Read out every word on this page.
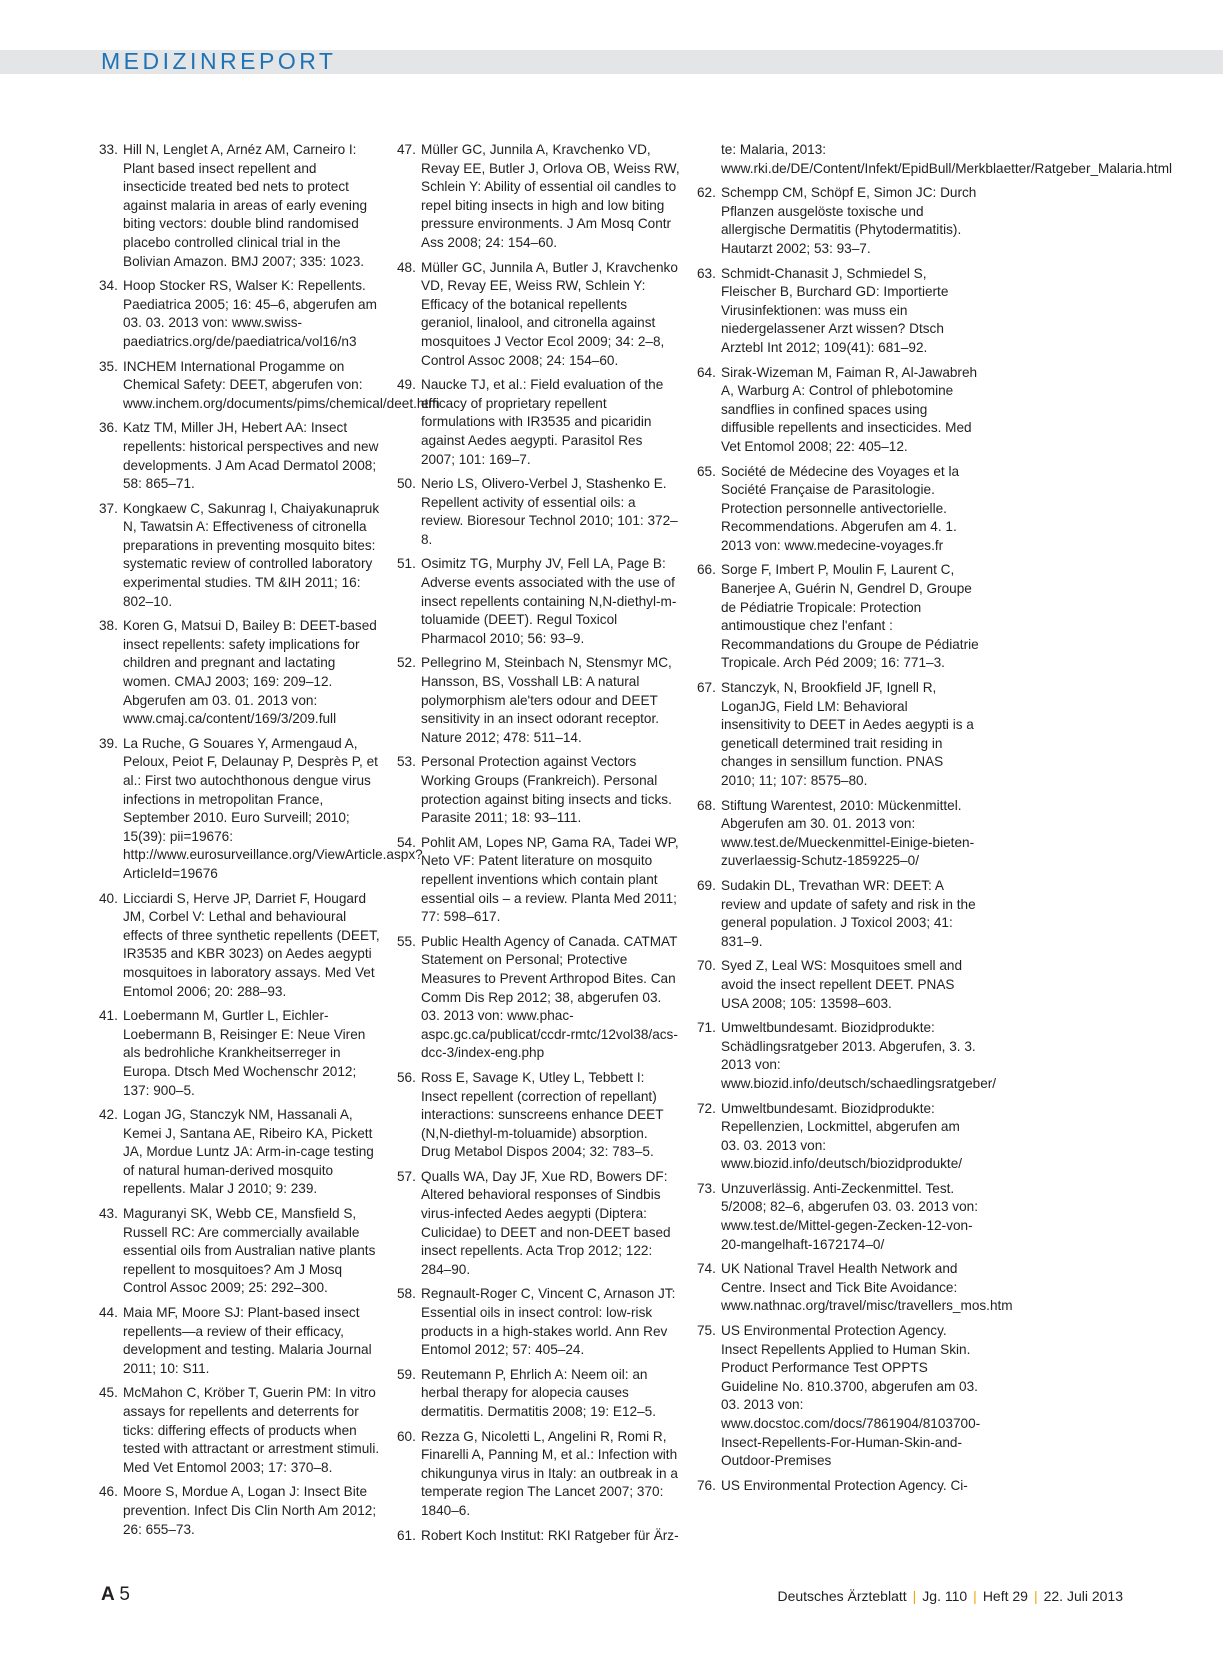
MEDIZINREPORT
33. Hill N, Lenglet A, Arnéz AM, Carneiro I: Plant based insect repellent and insecticide treated bed nets to protect against malaria in areas of early evening biting vectors: double blind randomised placebo controlled clinical trial in the Bolivian Amazon. BMJ 2007; 335: 1023.
34. Hoop Stocker RS, Walser K: Repellents. Paediatrica 2005; 16: 45–6, abgerufen am 03. 03. 2013 von: www.swiss-paediatrics.org/de/paediatrica/vol16/n3
35. INCHEM International Progamme on Chemical Safety: DEET, abgerufen von: www.inchem.org/documents/pims/chemical/deet.htm
36. Katz TM, Miller JH, Hebert AA: Insect repellents: historical perspectives and new developments. J Am Acad Dermatol 2008; 58: 865–71.
37. Kongkaew C, Sakunrag I, Chaiyakunapruk N, Tawatsin A: Effectiveness of citronella preparations in preventing mosquito bites: systematic review of controlled laboratory experimental studies. TM &IH 2011; 16: 802–10.
38. Koren G, Matsui D, Bailey B: DEET-based insect repellents: safety implications for children and pregnant and lactating women. CMAJ 2003; 169: 209–12. Abgerufen am 03. 01. 2013 von: www.cmaj.ca/content/169/3/209.full
39. La Ruche, G Souares Y, Armengaud A, Peloux, Peiot F, Delaunay P, Desprès P, et al.: First two autochthonous dengue virus infections in metropolitan France, September 2010. Euro Surveill; 2010; 15(39): pii=19676: http://www.eurosurveillance.org/ViewArticle.aspx?ArticleId=19676
40. Licciardi S, Herve JP, Darriet F, Hougard JM, Corbel V: Lethal and behavioural effects of three synthetic repellents (DEET, IR3535 and KBR 3023) on Aedes aegypti mosquitoes in laboratory assays. Med Vet Entomol 2006; 20: 288–93.
41. Loebermann M, Gurtler L, Eichler-Loebermann B, Reisinger E: Neue Viren als bedrohliche Krankheitserreger in Europa. Dtsch Med Wochenschr 2012; 137: 900–5.
42. Logan JG, Stanczyk NM, Hassanali A, Kemei J, Santana AE, Ribeiro KA, Pickett JA, Mordue Luntz JA: Arm-in-cage testing of natural human-derived mosquito repellents. Malar J 2010; 9: 239.
43. Maguranyi SK, Webb CE, Mansfield S, Russell RC: Are commercially available essential oils from Australian native plants repellent to mosquitoes? Am J Mosq Control Assoc 2009; 25: 292–300.
44. Maia MF, Moore SJ: Plant-based insect repellents—a review of their efficacy, development and testing. Malaria Journal 2011; 10: S11.
45. McMahon C, Kröber T, Guerin PM: In vitro assays for repellents and deterrents for ticks: differing effects of products when tested with attractant or arrestment stimuli. Med Vet Entomol 2003; 17: 370–8.
46. Moore S, Mordue A, Logan J: Insect Bite prevention. Infect Dis Clin North Am 2012; 26: 655–73.
47. Müller GC, Junnila A, Kravchenko VD, Revay EE, Butler J, Orlova OB, Weiss RW, Schlein Y: Ability of essential oil candles to repel biting insects in high and low biting pressure environments. J Am Mosq Contr Ass 2008; 24: 154–60.
48. Müller GC, Junnila A, Butler J, Kravchenko VD, Revay EE, Weiss RW, Schlein Y: Efficacy of the botanical repellents geraniol, linalool, and citronella against mosquitoes J Vector Ecol 2009; 34: 2–8, Control Assoc 2008; 24: 154–60.
49. Naucke TJ, et al.: Field evaluation of the efficacy of proprietary repellent formulations with IR3535 and picaridin against Aedes aegypti. Parasitol Res 2007; 101: 169–7.
50. Nerio LS, Olivero-Verbel J, Stashenko E. Repellent activity of essential oils: a review. Bioresour Technol 2010; 101: 372–8.
51. Osimitz TG, Murphy JV, Fell LA, Page B: Adverse events associated with the use of insect repellents containing N,N-diethyl-m-toluamide (DEET). Regul Toxicol Pharmacol 2010; 56: 93–9.
52. Pellegrino M, Steinbach N, Stensmyr MC, Hansson, BS, Vosshall LB: A natural polymorphism ale'ters odour and DEET sensitivity in an insect odorant receptor. Nature 2012; 478: 511–14.
53. Personal Protection against Vectors Working Groups (Frankreich). Personal protection against biting insects and ticks. Parasite 2011; 18: 93–111.
54. Pohlit AM, Lopes NP, Gama RA, Tadei WP, Neto VF: Patent literature on mosquito repellent inventions which contain plant essential oils – a review. Planta Med 2011; 77: 598–617.
55. Public Health Agency of Canada. CATMAT Statement on Personal; Protective Measures to Prevent Arthropod Bites. Can Comm Dis Rep 2012; 38, abgerufen 03. 03. 2013 von: www.phac-aspc.gc.ca/publicat/ccdr-rmtc/12vol38/acs-dcc-3/index-eng.php
56. Ross E, Savage K, Utley L, Tebbett I: Insect repellent (correction of repellant) interactions: sunscreens enhance DEET (N,N-diethyl-m-toluamide) absorption. Drug Metabol Dispos 2004; 32: 783–5.
57. Qualls WA, Day JF, Xue RD, Bowers DF: Altered behavioral responses of Sindbis virus-infected Aedes aegypti (Diptera: Culicidae) to DEET and non-DEET based insect repellents. Acta Trop 2012; 122: 284–90.
58. Regnault-Roger C, Vincent C, Arnason JT: Essential oils in insect control: low-risk products in a high-stakes world. Ann Rev Entomol 2012; 57: 405–24.
59. Reutemann P, Ehrlich A: Neem oil: an herbal therapy for alopecia causes dermatitis. Dermatitis 2008; 19: E12–5.
60. Rezza G, Nicoletti L, Angelini R, Romi R, Finarelli A, Panning M, et al.: Infection with chikungunya virus in Italy: an outbreak in a temperate region The Lancet 2007; 370: 1840–6.
61. Robert Koch Institut: RKI Ratgeber für Ärz-
te: Malaria, 2013: www.rki.de/DE/Content/Infekt/EpidBull/Merkblaetter/Ratgeber_Malaria.html
62. Schempp CM, Schöpf E, Simon JC: Durch Pflanzen ausgelöste toxische und allergische Dermatitis (Phytodermatitis). Hautarzt 2002; 53: 93–7.
63. Schmidt-Chanasit J, Schmiedel S, Fleischer B, Burchard GD: Importierte Virusinfektionen: was muss ein niedergelassener Arzt wissen? Dtsch Arztebl Int 2012; 109(41): 681–92.
64. Sirak-Wizeman M, Faiman R, Al-Jawabreh A, Warburg A: Control of phlebotomine sandflies in confined spaces using diffusible repellents and insecticides. Med Vet Entomol 2008; 22: 405–12.
65. Société de Médecine des Voyages et la Société Française de Parasitologie. Protection personnelle antivectorielle. Recommendations. Abgerufen am 4. 1. 2013 von: www.medecine-voyages.fr
66. Sorge F, Imbert P, Moulin F, Laurent C, Banerjee A, Guérin N, Gendrel D, Groupe de Pédiatrie Tropicale: Protection antimoustique chez l'enfant : Recommandations du Groupe de Pédiatrie Tropicale. Arch Péd 2009; 16: 771–3.
67. Stanczyk, N, Brookfield JF, Ignell R, LoganJG, Field LM: Behavioral insensitivity to DEET in Aedes aegypti is a geneticall determined trait residing in changes in sensillum function. PNAS 2010; 11; 107: 8575–80.
68. Stiftung Warentest, 2010: Mückenmittel. Abgerufen am 30. 01. 2013 von: www.test.de/Mueckenmittel-Einige-bieten-zuverlaessig-Schutz-1859225–0/
69. Sudakin DL, Trevathan WR: DEET: A review and update of safety and risk in the general population. J Toxicol 2003; 41: 831–9.
70. Syed Z, Leal WS: Mosquitoes smell and avoid the insect repellent DEET. PNAS USA 2008; 105: 13598–603.
71. Umweltbundesamt. Biozidprodukte: Schädlingsratgeber 2013. Abgerufen, 3. 3. 2013 von: www.biozid.info/deutsch/schaedlingsratgeber/
72. Umweltbundesamt. Biozidprodukte: Repellenzien, Lockmittel, abgerufen am 03. 03. 2013 von: www.biozid.info/deutsch/biozidprodukte/
73. Unzuverlässig. Anti-Zeckenmittel. Test. 5/2008; 82–6, abgerufen 03. 03. 2013 von: www.test.de/Mittel-gegen-Zecken-12-von-20-mangelhaft-1672174–0/
74. UK National Travel Health Network and Centre. Insect and Tick Bite Avoidance: www.nathnac.org/travel/misc/travellers_mos.htm
75. US Environmental Protection Agency. Insect Repellents Applied to Human Skin. Product Performance Test OPPTS Guideline No. 810.3700, abgerufen am 03. 03. 2013 von: www.docstoc.com/docs/7861904/8103700-Insect-Repellents-For-Human-Skin-and-Outdoor-Premises
76. US Environmental Protection Agency. Ci-
A 5	Deutsches Ärzteblatt | Jg. 110 | Heft 29 | 22. Juli 2013
